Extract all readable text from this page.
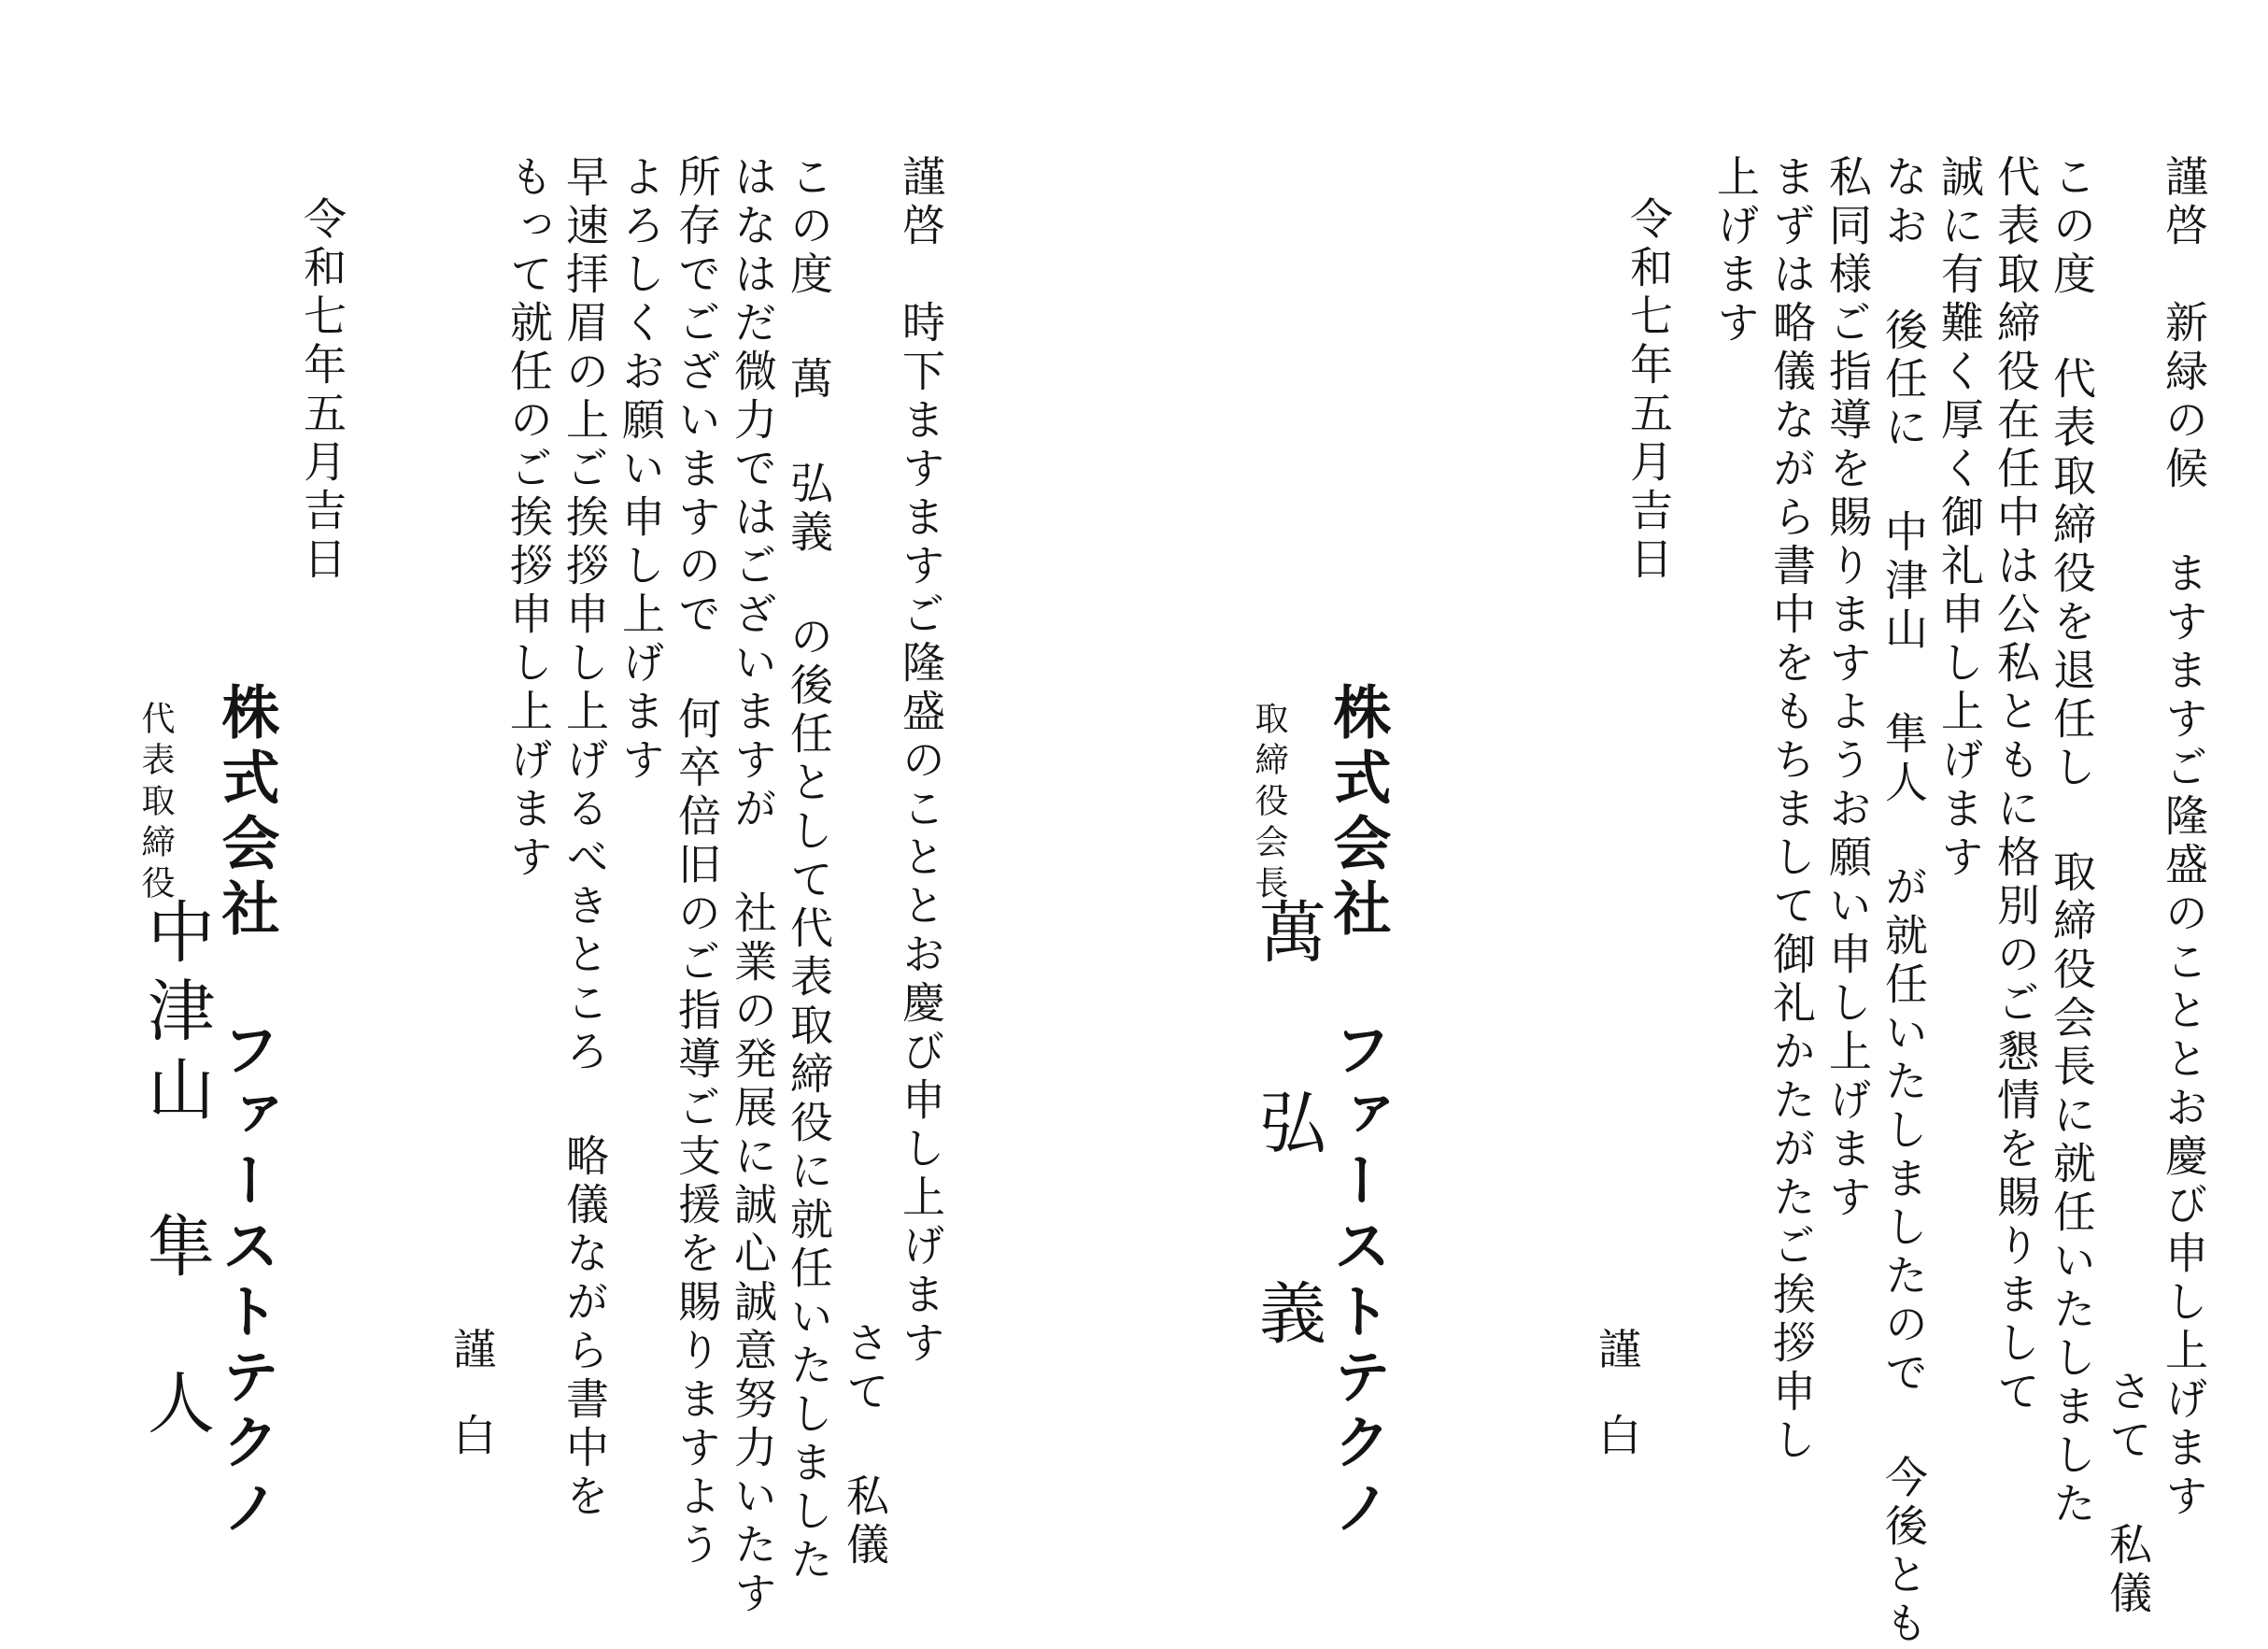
謹啓　新緑の候 ますますご隆盛のこととお慶び申し上げます
　　　　　　　　　　　　　　　　　　　　　　　　　さて 私儀
この度 代表取締役を退任し 取締役会長に就任いたしました
代表取締役在任中は公私ともに格別のご懇情を賜りまして
誠に有難く厚く御礼申し上げます
なお 後任に 中津山 隼人 が就任いたしましたので 今後とも
私同様ご指導を賜りますようお願い申し上げます
まずは略儀ながら書中をもちまして御礼かたがたご挨拶申し
上げます
令和七年五月吉日
謹　白
株式会社 ファーストテクノ
取締役会長
萬　弘　義
謹啓　時下ますますご隆盛のこととお慶び申し上げます
　　　　　　　　　　　　　　　　　　　　　　　　さて 私儀
この度 萬 弘義 の後任として代表取締役に就任いたしました
はなはだ微力ではございますが 社業の発展に誠心誠意努力いたす
所存でございますので 何卒倍旧のご指導ご支援を賜りますよう
よろしくお願い申し上げます
早速拝眉の上ご挨拶申し上げるべきところ 略儀ながら書中を
もって就任のご挨拶申し上げます
令和七年五月吉日
謹　白
株式会社 ファーストテクノ
代表取締役
中津山　隼　人
